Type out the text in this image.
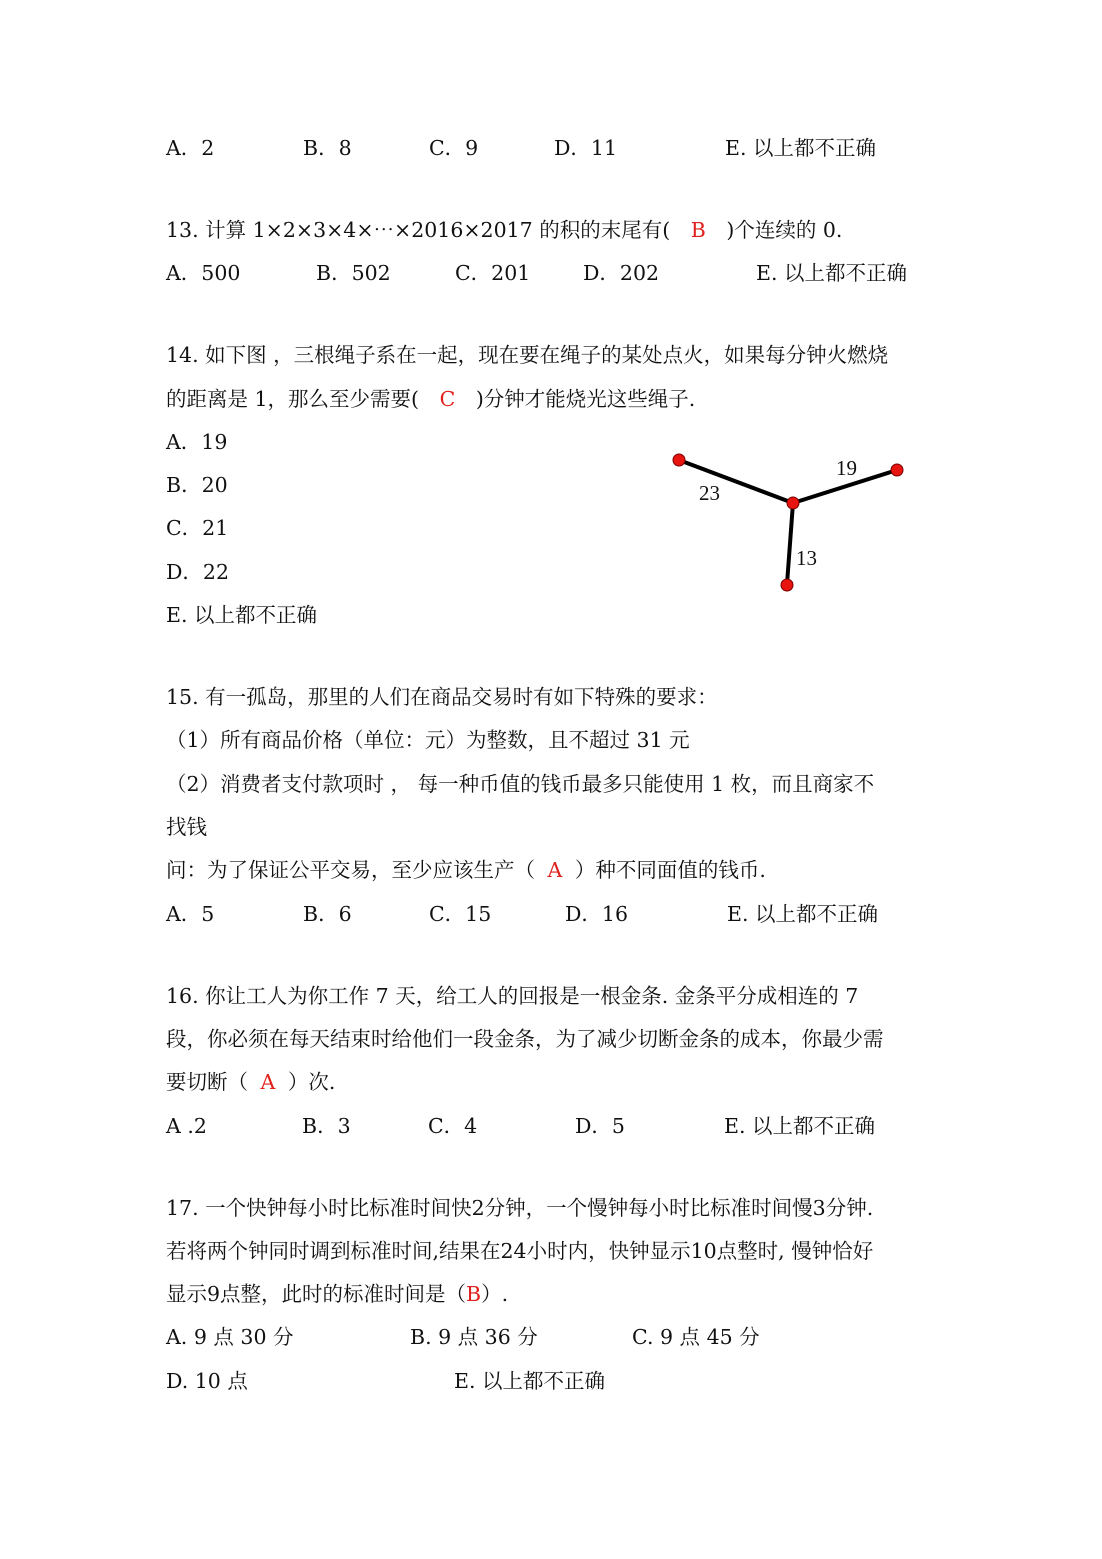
A．2	B．8	C．9	D．11	E. 以上都不正确
13. 计算 1×2×3×4×⋯×2016×2017 的积的末尾有( B )个连续的 0.
A．500	B．502	C．201	D．202	E. 以上都不正确
14. 如下图 ，三根绳子系在一起，现在要在绳子的某处点火，如果每分钟火燃烧
的距离是 1，那么至少需要( C )分钟才能烧光这些绳子.
A．19
B．20
C．21
D．22
E. 以上都不正确
23
19
13
15. 有一孤岛，那里的人们在商品交易时有如下特殊的要求：
（1）所有商品价格（单位：元）为整数，且不超过 31 元
（2）消费者支付款项时 ， 每一种币值的钱币最多只能使用 1 枚，而且商家不
找钱
问：为了保证公平交易，至少应该生产（ A ）种不同面值的钱币.
A．5	B．6	C．15	D．16	E. 以上都不正确
16. 你让工人为你工作 7 天，给工人的回报是一根金条. 金条平分成相连的 7
段，你必须在每天结束时给他们一段金条，为了减少切断金条的成本，你最少需
要切断（ A ）次.
A .2	B．3	C．4	D．5	E. 以上都不正确
17. 一个快钟每小时比标准时间快2分钟，一个慢钟每小时比标准时间慢3分钟.
若将两个钟同时调到标准时间,结果在24小时内，快钟显示10点整时, 慢钟恰好
显示9点整，此时的标准时间是（B）.
A. 9 点 30 分	B. 9 点 36 分	C. 9 点 45 分
D. 10 点	E. 以上都不正确
